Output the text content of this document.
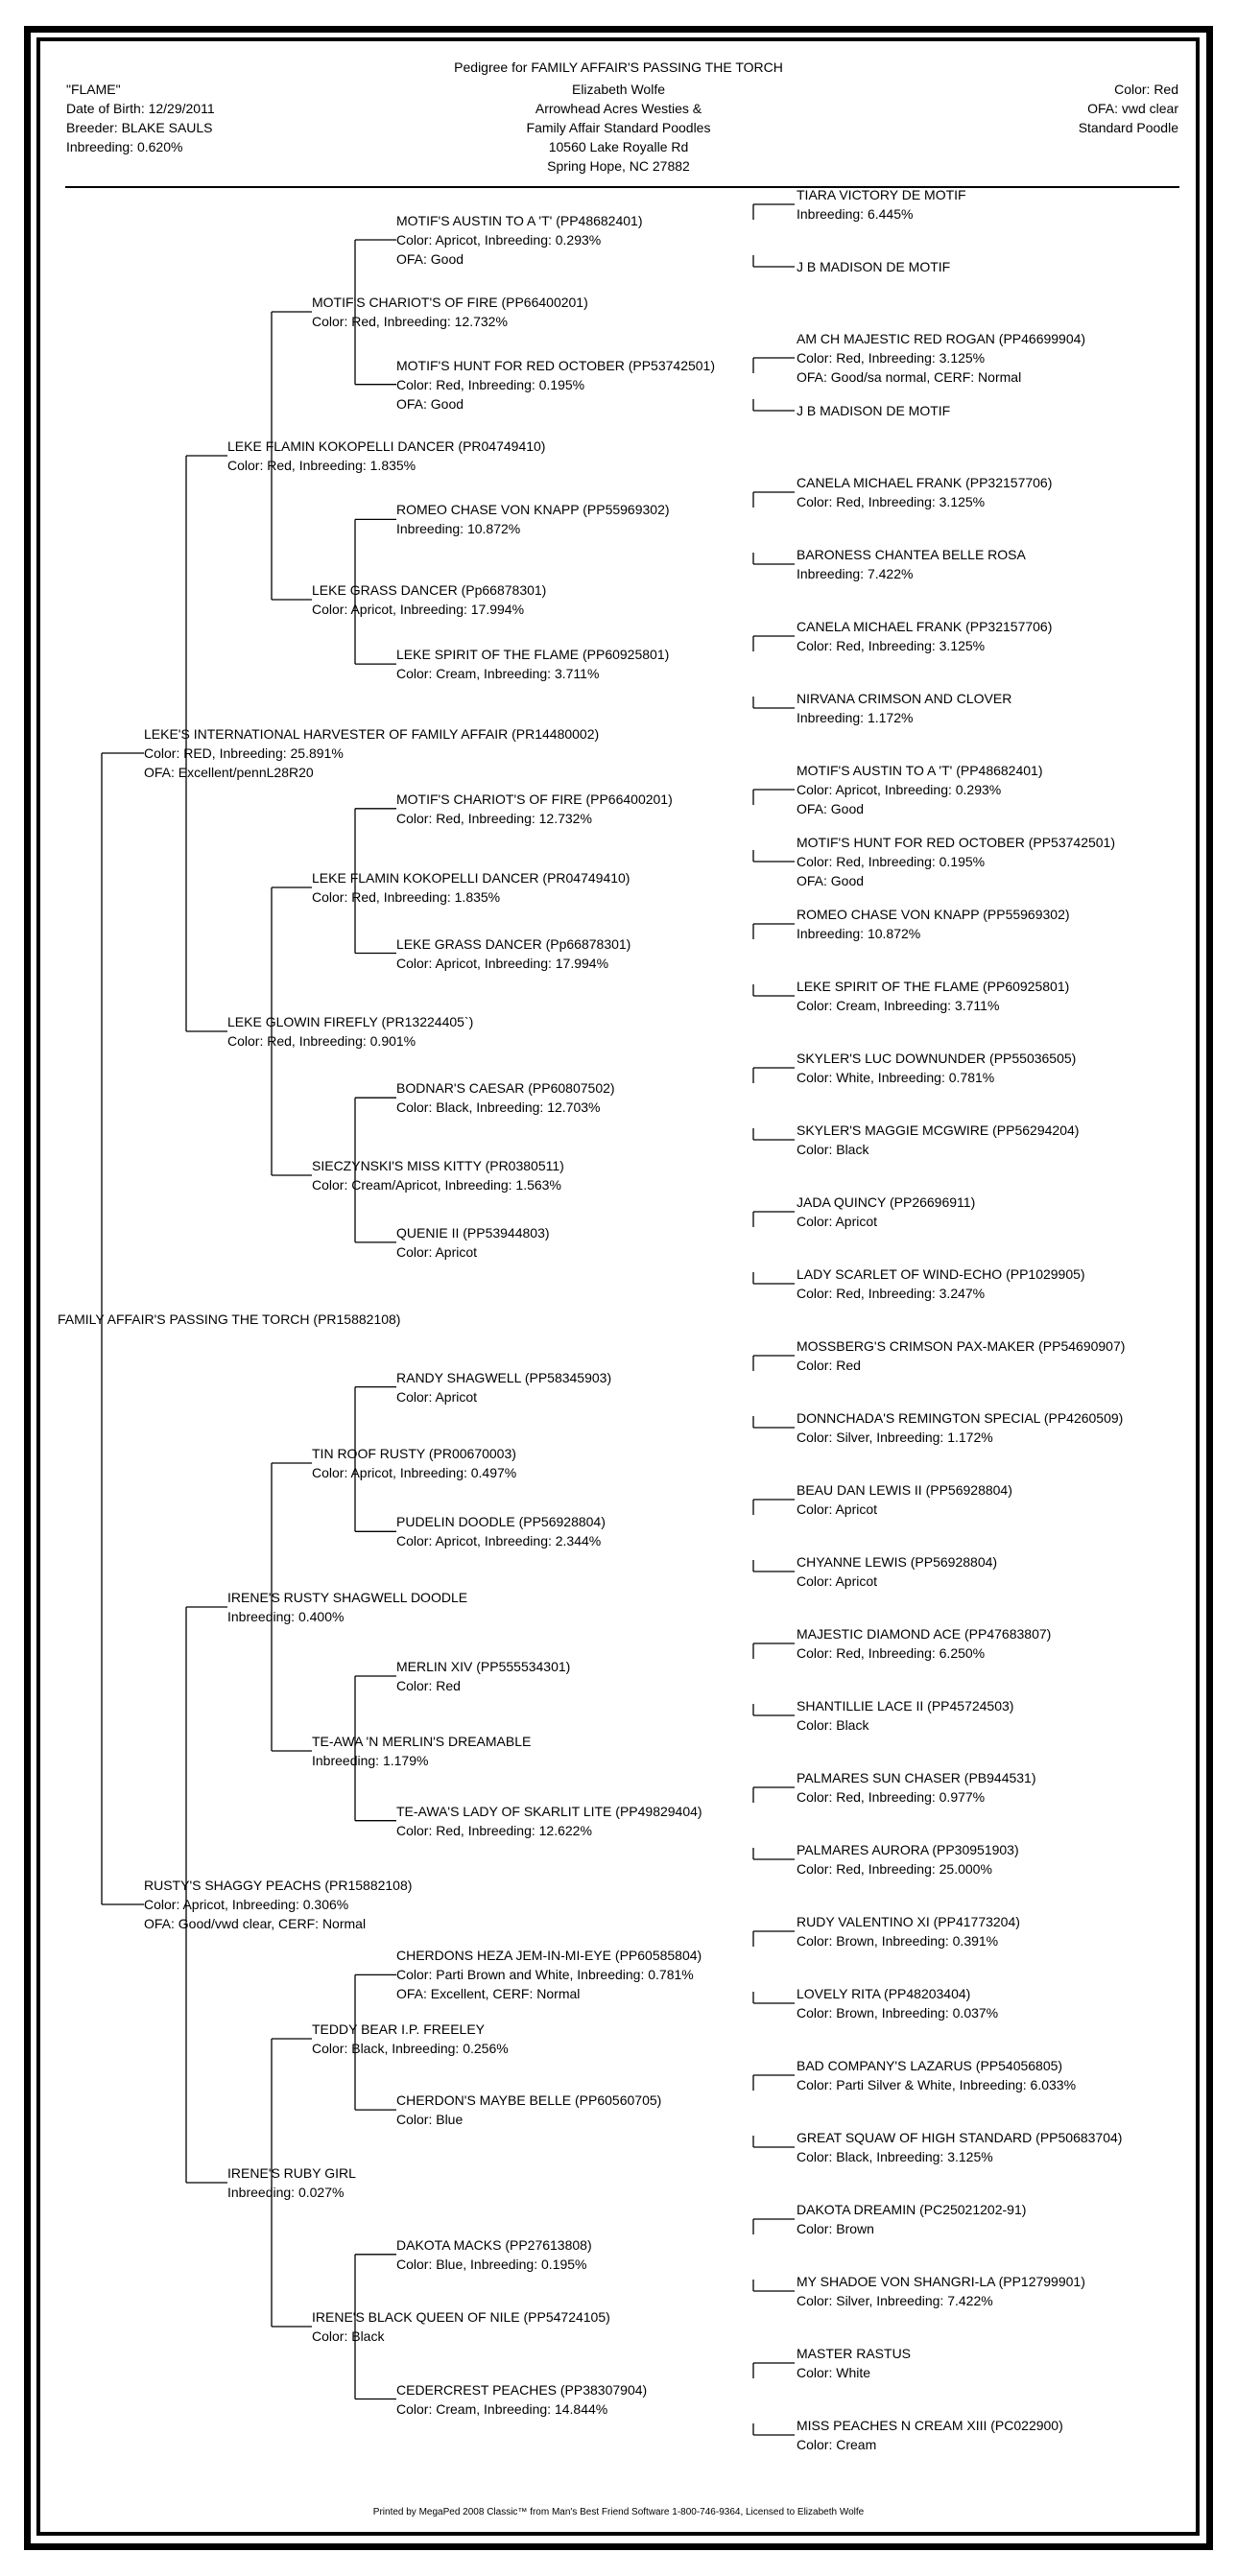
Pedigree for FAMILY AFFAIR'S PASSING THE TORCH
"FLAME"
Date of Birth: 12/29/2011
Breeder: BLAKE SAULS
Inbreeding: 0.620%
Elizabeth Wolfe
Arrowhead Acres Westies &
Family Affair Standard Poodles
10560 Lake Royalle Rd
Spring Hope, NC 27882
Color: Red
OFA: vwd clear
Standard Poodle
FAMILY AFFAIR'S PASSING THE TORCH (PR15882108)
LEKE'S INTERNATIONAL HARVESTER OF FAMILY AFFAIR (PR14480002)
Color: RED, Inbreeding: 25.891%
OFA: Excellent/pennL28R20
RUSTY'S SHAGGY PEACHS (PR15882108)
Color: Apricot, Inbreeding: 0.306%
OFA: Good/vwd clear, CERF: Normal
LEKE FLAMIN KOKOPELLI DANCER (PR04749410)
Color: Red, Inbreeding: 1.835%
LEKE GLOWIN FIREFLY (PR13224405`)
Color: Red, Inbreeding: 0.901%
IRENE'S RUSTY SHAGWELL DOODLE
Inbreeding: 0.400%
IRENE'S RUBY GIRL
Inbreeding: 0.027%
MOTIF'S CHARIOT'S OF FIRE (PP66400201)
Color: Red, Inbreeding: 12.732%
LEKE GRASS DANCER (Pp66878301)
Color: Apricot, Inbreeding: 17.994%
LEKE FLAMIN KOKOPELLI DANCER (PR04749410)
Color: Red, Inbreeding: 1.835%
SIECZYNSKI'S MISS KITTY (PR0380511)
Color: Cream/Apricot, Inbreeding: 1.563%
TIN ROOF RUSTY (PR00670003)
Color: Apricot, Inbreeding: 0.497%
TE-AWA 'N MERLIN'S DREAMABLE
Inbreeding: 1.179%
TEDDY BEAR I.P. FREELEY
Color: Black, Inbreeding: 0.256%
IRENE'S BLACK QUEEN OF NILE (PP54724105)
Color: Black
MOTIF'S AUSTIN TO A 'T' (PP48682401)
Color: Apricot, Inbreeding: 0.293%
OFA: Good
MOTIF'S HUNT FOR RED OCTOBER (PP53742501)
Color: Red, Inbreeding: 0.195%
OFA: Good
ROMEO CHASE VON KNAPP (PP55969302)
Inbreeding: 10.872%
LEKE SPIRIT OF THE FLAME (PP60925801)
Color: Cream, Inbreeding: 3.711%
MOTIF'S CHARIOT'S OF FIRE (PP66400201)
Color: Red, Inbreeding: 12.732%
LEKE GRASS DANCER (Pp66878301)
Color: Apricot, Inbreeding: 17.994%
BODNAR'S CAESAR (PP60807502)
Color: Black, Inbreeding: 12.703%
QUENIE II (PP53944803)
Color: Apricot
RANDY SHAGWELL (PP58345903)
Color: Apricot
PUDELIN DOODLE (PP56928804)
Color: Apricot, Inbreeding: 2.344%
MERLIN XIV (PP555534301)
Color: Red
TE-AWA'S LADY OF SKARLIT LITE (PP49829404)
Color: Red, Inbreeding: 12.622%
CHERDONS HEZA JEM-IN-MI-EYE (PP60585804)
Color: Parti Brown and White, Inbreeding: 0.781%
OFA: Excellent, CERF: Normal
CHERDON'S MAYBE BELLE (PP60560705)
Color: Blue
DAKOTA MACKS (PP27613808)
Color: Blue, Inbreeding: 0.195%
CEDERCREST PEACHES (PP38307904)
Color: Cream, Inbreeding: 14.844%
TIARA VICTORY DE MOTIF
Inbreeding: 6.445%
J B MADISON DE MOTIF
AM CH MAJESTIC RED ROGAN (PP46699904)
Color: Red, Inbreeding: 3.125%
OFA: Good/sa normal, CERF: Normal
J B MADISON DE MOTIF
CANELA MICHAEL FRANK (PP32157706)
Color: Red, Inbreeding: 3.125%
BARONESS CHANTEA BELLE ROSA
Inbreeding: 7.422%
CANELA MICHAEL FRANK (PP32157706)
Color: Red, Inbreeding: 3.125%
NIRVANA CRIMSON AND CLOVER
Inbreeding: 1.172%
MOTIF'S AUSTIN TO A 'T' (PP48682401)
Color: Apricot, Inbreeding: 0.293%
OFA: Good
MOTIF'S HUNT FOR RED OCTOBER (PP53742501)
Color: Red, Inbreeding: 0.195%
OFA: Good
ROMEO CHASE VON KNAPP (PP55969302)
Inbreeding: 10.872%
LEKE SPIRIT OF THE FLAME (PP60925801)
Color: Cream, Inbreeding: 3.711%
SKYLER'S LUC DOWNUNDER (PP55036505)
Color: White, Inbreeding: 0.781%
SKYLER'S MAGGIE MCGWIRE (PP56294204)
Color: Black
JADA QUINCY (PP26696911)
Color: Apricot
LADY SCARLET OF WIND-ECHO (PP1029905)
Color: Red, Inbreeding: 3.247%
MOSSBERG'S CRIMSON PAX-MAKER (PP54690907)
Color: Red
DONNCHADA'S REMINGTON SPECIAL (PP4260509)
Color: Silver, Inbreeding: 1.172%
BEAU DAN LEWIS II (PP56928804)
Color: Apricot
CHYANNE LEWIS (PP56928804)
Color: Apricot
MAJESTIC DIAMOND ACE (PP47683807)
Color: Red, Inbreeding: 6.250%
SHANTILLIE LACE II (PP45724503)
Color: Black
PALMARES SUN CHASER (PB944531)
Color: Red, Inbreeding: 0.977%
PALMARES AURORA (PP30951903)
Color: Red, Inbreeding: 25.000%
RUDY VALENTINO XI (PP41773204)
Color: Brown, Inbreeding: 0.391%
LOVELY RITA (PP48203404)
Color: Brown, Inbreeding: 0.037%
BAD COMPANY'S LAZARUS (PP54056805)
Color: Parti Silver & White, Inbreeding: 6.033%
GREAT SQUAW OF HIGH STANDARD (PP50683704)
Color: Black, Inbreeding: 3.125%
DAKOTA DREAMIN (PC25021202-91)
Color: Brown
MY SHADOE VON SHANGRI-LA (PP12799901)
Color: Silver, Inbreeding: 7.422%
MASTER RASTUS
Color: White
MISS PEACHES N CREAM XIII (PC022900)
Color: Cream
Printed by MegaPed 2008 Classic™ from Man's Best Friend Software 1-800-746-9364, Licensed to Elizabeth Wolfe
